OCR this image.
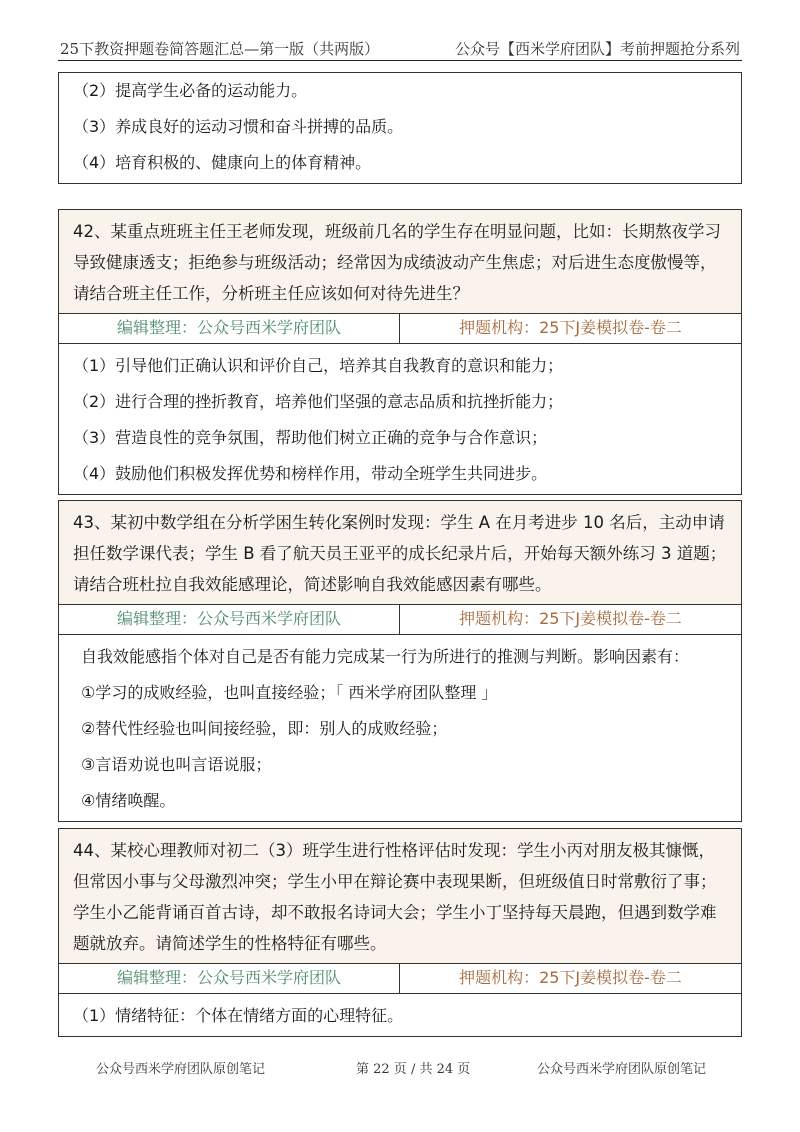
25下教资押题卷简答题汇总—第一版（共两版）	公众号【西米学府团队】考前押题抢分系列
（2）提高学生必备的运动能力。
（3）养成良好的运动习惯和奋斗拼搏的品质。
（4）培育积极的、健康向上的体育精神。
42、某重点班班主任王老师发现，班级前几名的学生存在明显问题，比如：长期熬夜学习导致健康透支；拒绝参与班级活动；经常因为成绩波动产生焦虑；对后进生态度傲慢等，请结合班主任工作，分析班主任应该如何对待先进生？
编辑整理：公众号西米学府团队	押题机构：25下J姜模拟卷-卷二
（1）引导他们正确认识和评价自己，培养其自我教育的意识和能力；
（2）进行合理的挫折教育，培养他们坚强的意志品质和抗挫折能力；
（3）营造良性的竞争氛围，帮助他们树立正确的竞争与合作意识；
（4）鼓励他们积极发挥优势和榜样作用，带动全班学生共同进步。
43、某初中数学组在分析学困生转化案例时发现：学生 A 在月考进步 10 名后，主动申请担任数学课代表；学生 B 看了航天员王亚平的成长纪录片后，开始每天额外练习 3 道题；请结合班杜拉自我效能感理论，简述影响自我效能感因素有哪些。
编辑整理：公众号西米学府团队	押题机构：25下J姜模拟卷-卷二
自我效能感指个体对自己是否有能力完成某一行为所进行的推测与判断。影响因素有：
①学习的成败经验，也叫直接经验；「 西米学府团队整理 」
②替代性经验也叫间接经验，即：别人的成败经验；
③言语劝说也叫言语说服；
④情绪唤醒。
44、某校心理教师对初二（3）班学生进行性格评估时发现：学生小丙对朋友极其慷慨，但常因小事与父母激烈冲突；学生小甲在辩论赛中表现果断，但班级值日时常敷衍了事；学生小乙能背诵百首古诗，却不敢报名诗词大会；学生小丁坚持每天晨跑，但遇到数学难题就放弃。请简述学生的性格特征有哪些。
编辑整理：公众号西米学府团队	押题机构：25下J姜模拟卷-卷二
（1）情绪特征：个体在情绪方面的心理特征。
公众号西米学府团队原创笔记	第 22 页 / 共 24 页	公众号西米学府团队原创笔记
